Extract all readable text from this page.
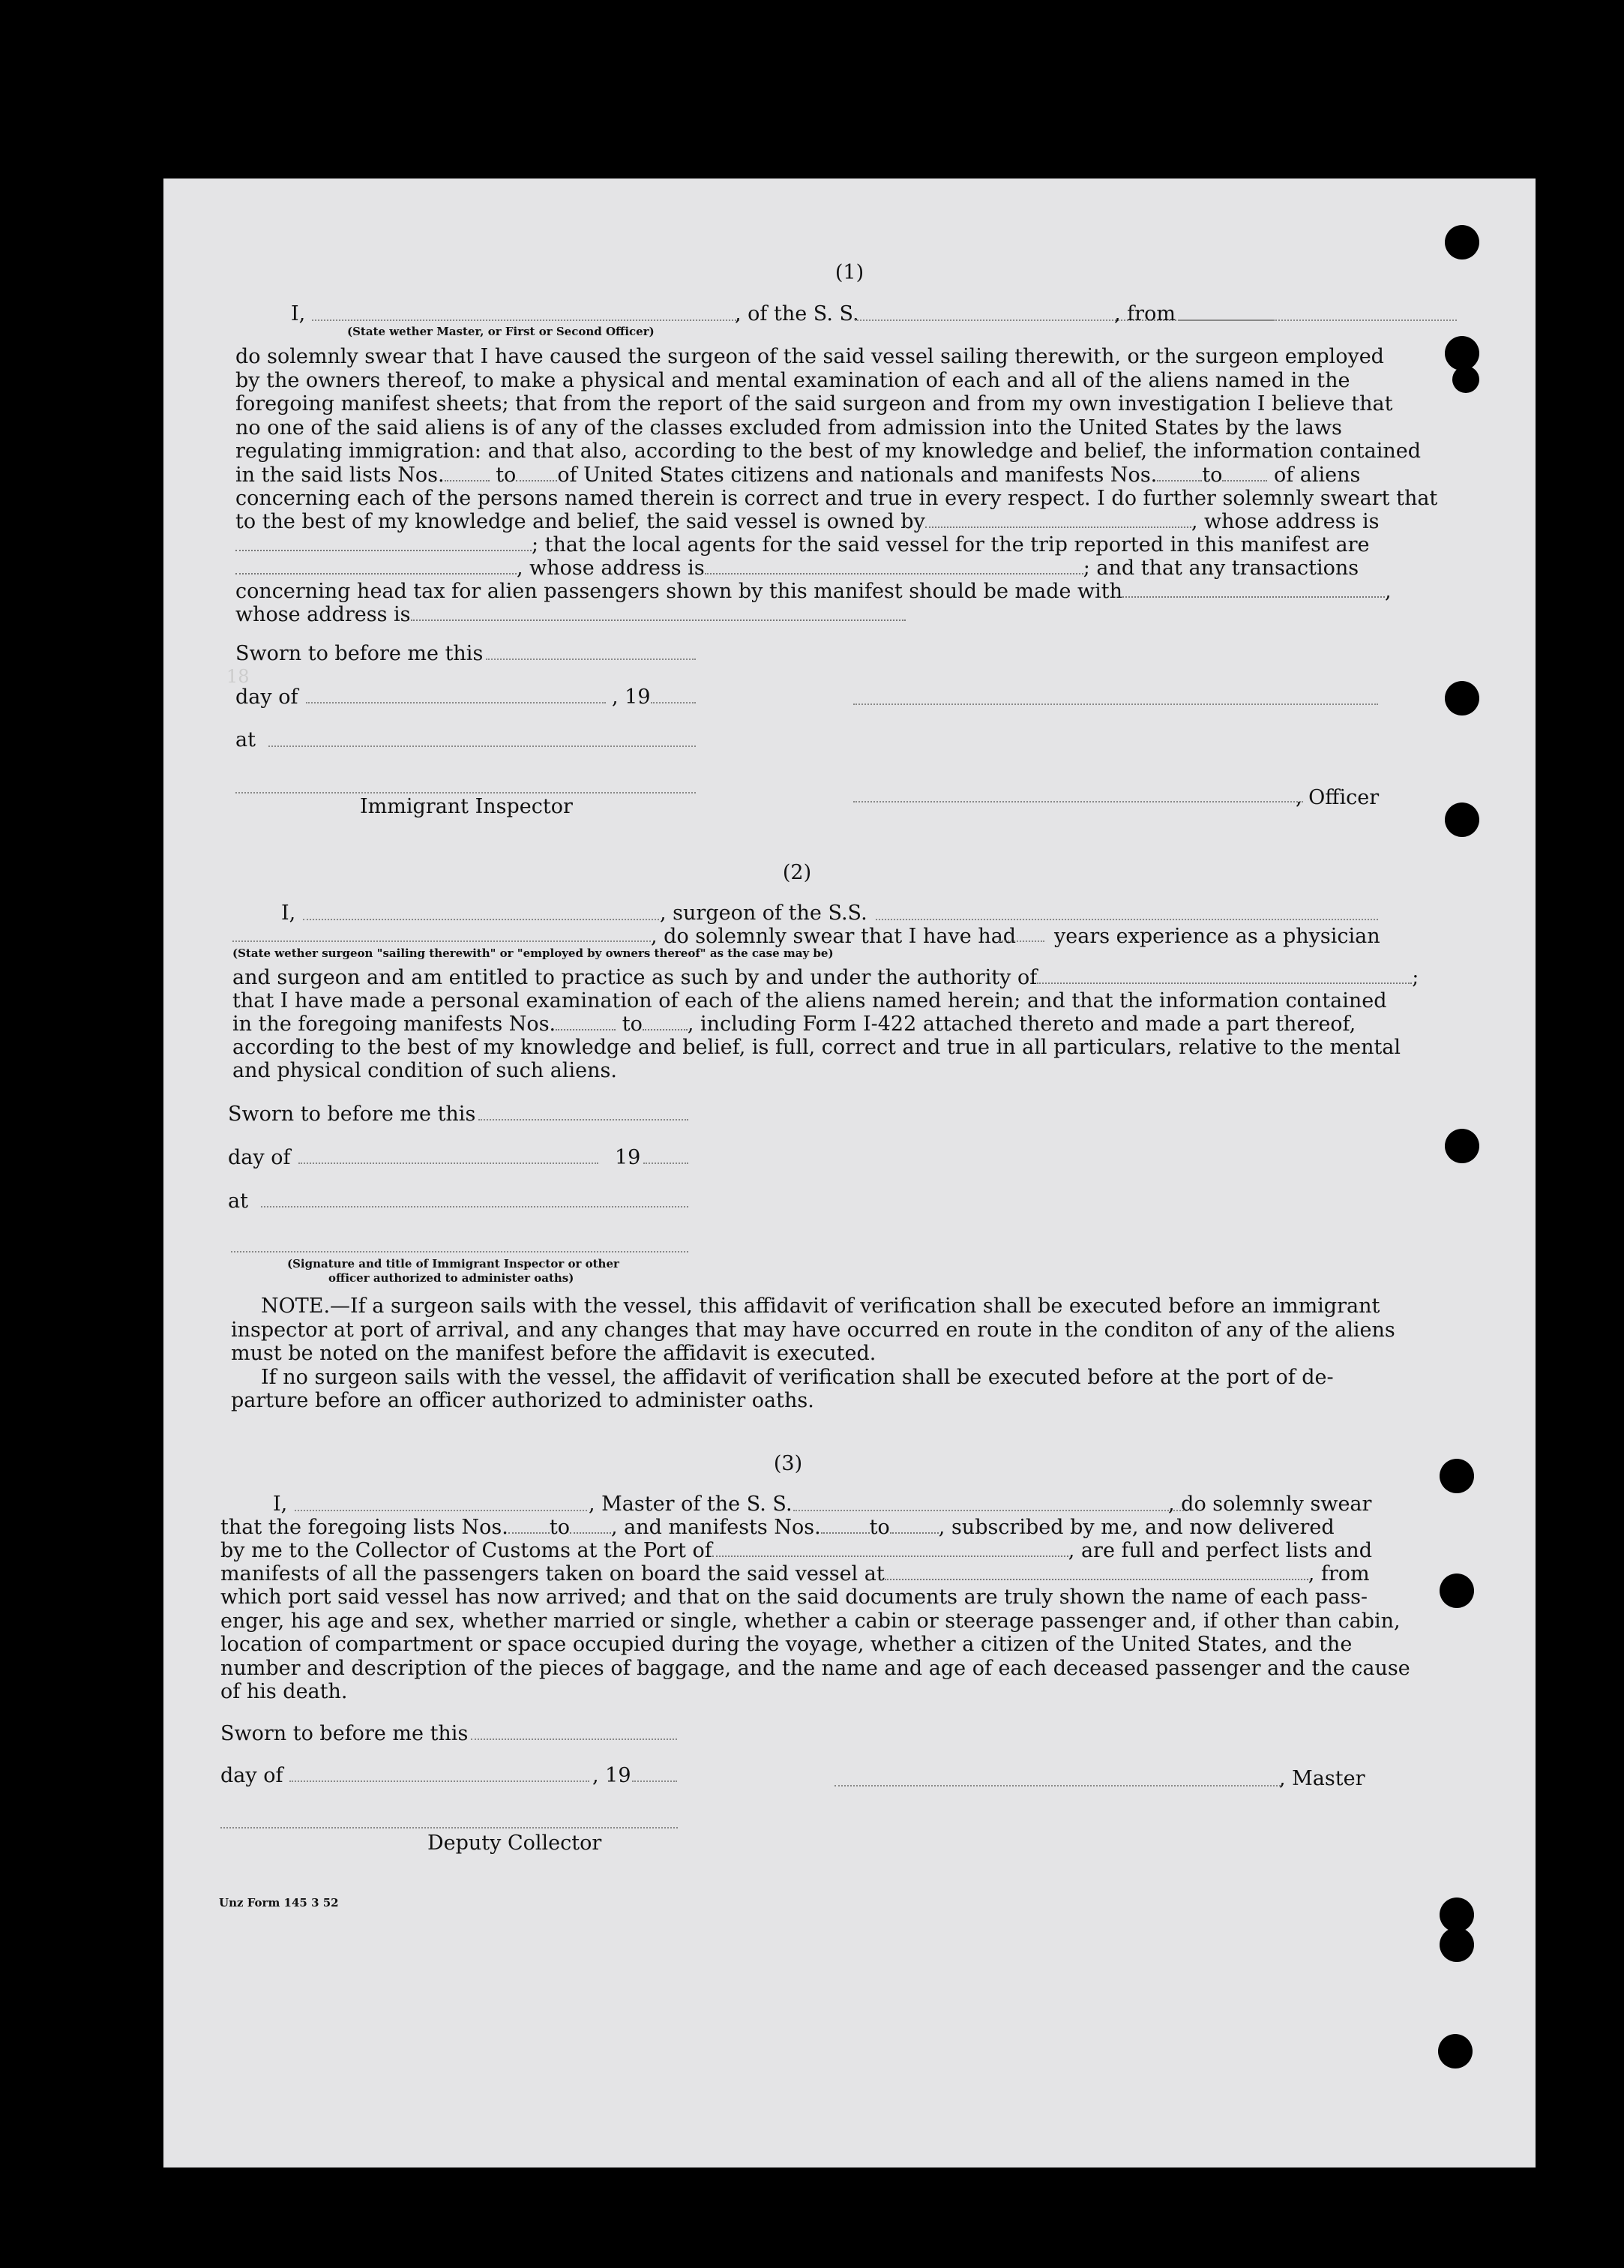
(1)
I,	, of the S. S.	, from
(State wether Master, or First or Second Officer)
do solemnly swear that I have caused the surgeon of the said vessel sailing therewith, or the surgeon employed
by the owners thereof, to make a physical and mental examination of each and all of the aliens named in the
foregoing manifest sheets; that from the report of the said surgeon and from my own investigation I believe that
no one of the said aliens is of any of the classes excluded from admission into the United States by the laws
regulating immigration: and that also, according to the best of my knowledge and belief, the information contained
in the said lists Nos.	to of United States citizens and nationals and manifests Nos. to	of aliens
concerning each of the persons named therein is correct and true in every respect. I do further solemnly sweart that
to the best of my knowledge and belief, the said vessel is owned by	, whose address is
; that the local agents for the said vessel for the trip reported in this manifest are
, whose address is	; and that any transactions
concerning head tax for alien passengers shown by this manifest should be made with	,
whose address is
Sworn to before me this
18
day of	, 19
at
, Officer
Immigrant Inspector
(2)
I,	, surgeon of the S.S.
, do solemnly swear that I have had years experience as a physician
(State wether surgeon "sailing therewith" or "employed by owners thereof" as the case may be)
and surgeon and am entitled to practice as such by and under the authority of	;
that I have made a personal examination of each of the aliens named herein; and that the information contained
in the foregoing manifests Nos.	to , including Form I-422 attached thereto and made a part thereof,
according to the best of my knowledge and belief, is full, correct and true in all particulars, relative to the mental
and physical condition of such aliens.
Sworn to before me this
day of	19
at
(Signature and title of Immigrant Inspector or other
officer authorized to administer oaths)
NOTE.—If a surgeon sails with the vessel, this affidavit of verification shall be executed before an immigrant
inspector at port of arrival, and any changes that may have occurred en route in the conditon of any of the aliens
must be noted on the manifest before the affidavit is executed.
If no surgeon sails with the vessel, the affidavit of verification shall be executed before at the port of de-
parture before an officer authorized to administer oaths.
(3)
I,	, Master of the S. S.	, do solemnly swear
that the foregoing lists Nos. to , and manifests Nos. to , subscribed by me, and now delivered
by me to the Collector of Customs at the Port of	, are full and perfect lists and
manifests of all the passengers taken on board the said vessel at	, from
which port said vessel has now arrived; and that on the said documents are truly shown the name of each pass-
enger, his age and sex, whether married or single, whether a cabin or steerage passenger and, if other than cabin,
location of compartment or space occupied during the voyage, whether a citizen of the United States, and the
number and description of the pieces of baggage, and the name and age of each deceased passenger and the cause
of his death.
Sworn to before me this
day of	, 19	, Master
Deputy Collector
Unz Form 145 3 52
